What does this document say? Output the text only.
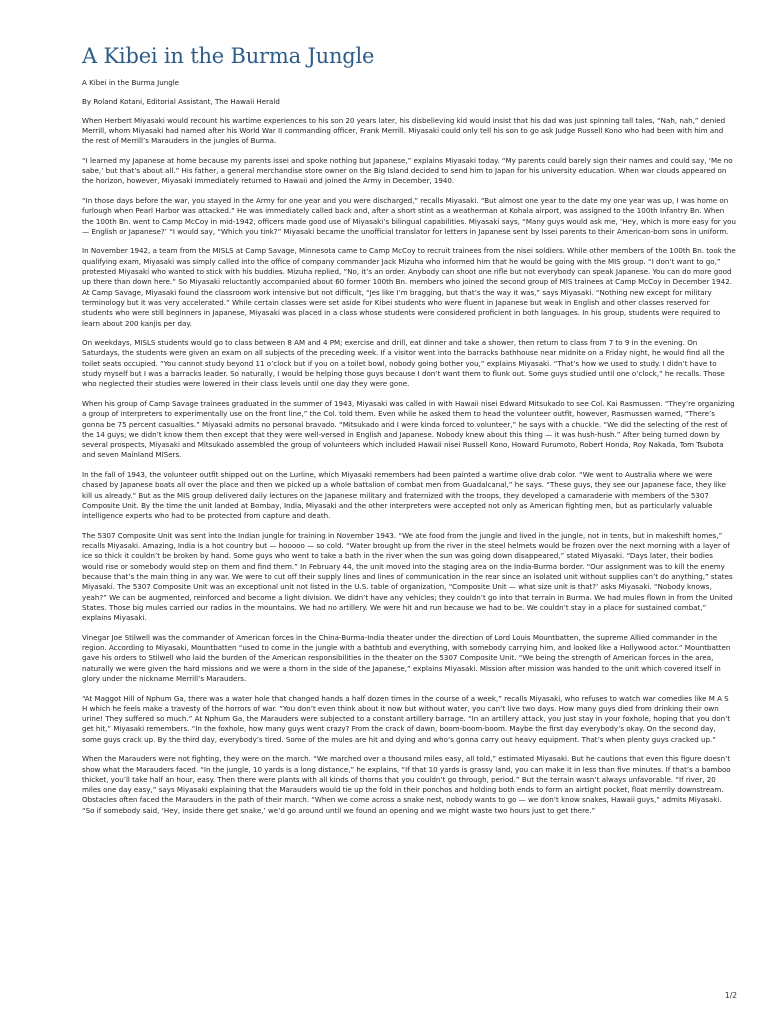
A Kibei in the Burma Jungle

A Kibei in the Burma Jungle

By Roland Kotani, Editorial Assistant, The Hawaii Herald

When Herbert Miyasaki would recount his wartime experiences to his son 20 years later, his disbelieving kid would insist that his dad was just spinning tall tales, “Nah, nah,” denied Merrill, whom Miyasaki had named after his World War II commanding officer, Frank Merrill. Miyasaki could only tell his son to go ask Judge Russell Kono who had been with him and the rest of Merrill’s Marauders in the jungles of Burma.

“I learned my Japanese at home because my parents issei and spoke nothing but Japanese,” explains Miyasaki today. “My parents could barely sign their names and could say, ‘Me no sabe,’ but that’s about all.” His father, a general merchandise store owner on the Big Island decided to send him to Japan for his university education. When war clouds appeared on the horizon, however, Miyasaki immediately returned to Hawaii and joined the Army in December, 1940.

“In those days before the war, you stayed in the Army for one year and you were discharged,” recalls Miyasaki. “But almost one year to the date my one year was up, I was home on furlough when Pearl Harbor was attacked.” He was immediately called back and, after a short stint as a weatherman at Kohala airport, was assigned to the 100th Infantry Bn. When the 100th Bn. went to Camp McCoy in mid-1942, officers made good use of Miyasaki’s bilingual capabilities. Miyasaki says, “Many guys would ask me, ‘Hey, which is more easy for you — English or Japanese?’ “I would say, “Which you tink?” Miyasaki became the unofficial translator for letters in Japanese sent by Issei parents to their American-born sons in uniform.

In November 1942, a team from the MISLS at Camp Savage, Minnesota came to Camp McCoy to recruit trainees from the nisei soldiers. While other members of the 100th Bn. took the qualifying exam, Miyasaki was simply called into the office of company commander Jack Mizuha who informed him that he would be going with the MIS group. “I don’t want to go,” protested Miyasaki who wanted to stick with his buddies. Mizuha replied, “No, it’s an order. Anybody can shoot one rifle but not everybody can speak Japanese. You can do more good up there than down here.” So Miyasaki reluctantly accompanied about 60 former 100th Bn. members who joined the second group of MIS trainees at Camp McCoy in December 1942. At Camp Savage, Miyasaki found the classroom work intensive but not difficult, “Jes like I’m bragging, but that’s the way it was,” says Miyasaki. “Nothing new except for military terminology but it was very accelerated.” While certain classes were set aside for Kibei students who were fluent in Japanese but weak in English and other classes reserved for students who were still beginners in Japanese, Miyasaki was placed in a class whose students were considered proficient in both languages. In his group, students were required to learn about 200 kanjis per day.

On weekdays, MISLS students would go to class between 8 AM and 4 PM; exercise and drill, eat dinner and take a shower, then return to class from 7 to 9 in the evening. On Saturdays, the students were given an exam on all subjects of the preceding week. If a visitor went into the barracks bathhouse near midnite on a Friday night, he would find all the toilet seats occupied. “You cannot study beyond 11 o’clock but if you on a toilet bowl, nobody going bother you,” explains Miyasaki. “That’s how we used to study. I didn’t have to study myself but I was a barracks leader. So naturally, I would be helping those guys because I don’t want them to flunk out. Some guys studied until one o’clock,” he recalls. Those who neglected their studies were lowered in their class levels until one day they were gone.

When his group of Camp Savage trainees graduated in the summer of 1943, Miyasaki was called in with Hawaii nisei Edward Mitsukado to see Col. Kai Rasmussen. “They’re organizing a group of interpreters to experimentally use on the front line,” the Col. told them. Even while he asked them to head the volunteer outfit, however, Rasmussen warned, “There’s gonna be 75 percent casualties.” Miyasaki admits no personal bravado. “Mitsukado and I were kinda forced to volunteer,” he says with a chuckle. “We did the selecting of the rest of the 14 guys; we didn’t know them then except that they were well-versed in English and Japanese. Nobody knew about this thing — it was hush-hush.” After being turned down by several prospects, Miyasaki and Mitsukado assembled the group of volunteers which included Hawaii nisei Russell Kono, Howard Furumoto, Robert Honda, Roy Nakada, Tom Tsubota and seven Mainland MISers.

In the fall of 1943, the volunteer outfit shipped out on the Lurline, which Miyasaki remembers had been painted a wartime olive drab color. “We went to Australia where we were chased by Japanese boats all over the place and then we picked up a whole battalion of combat men from Guadalcanal,” he says. “These guys, they see our Japanese face, they like kill us already.” But as the MIS group delivered daily lectures on the Japanese military and fraternized with the troops, they developed a camaraderie with members of the 5307 Composite Unit. By the time the unit landed at Bombay, India, Miyasaki and the other interpreters were accepted not only as American fighting men, but as particularly valuable intelligence experts who had to be protected from capture and death.

The 5307 Composite Unit was sent into the Indian jungle for training in November 1943. “We ate food from the jungle and lived in the jungle, not in tents, but in makeshift homes,” recalls Miyasaki. Amazing, India is a hot country but — hooooo — so cold. “Water brought up from the river in the steel helmets would be frozen over the next morning with a layer of ice so thick it couldn’t be broken by hand. Some guys who went to take a bath in the river when the sun was going down disappeared,” stated Miyasaki. “Days later, their bodies would rise or somebody would step on them and find them.” In February 44, the unit moved into the staging area on the India-Burma border. “Our assignment was to kill the enemy because that’s the main thing in any war. We were to cut off their supply lines and lines of communication in the rear since an isolated unit without supplies can’t do anything,” states Miyasaki. The 5307 Composite Unit was an exceptional unit not listed in the U.S. table of organization, “Composite Unit — what size unit is that?’ asks Miyasaki. “Nobody knows, yeah?” We can be augmented, reinforced and become a light division. We didn’t have any vehicles; they couldn’t go into that terrain in Burma. We had mules flown in from the United States. Those big mules carried our radios in the mountains. We had no artillery. We were hit and run because we had to be. We couldn’t stay in a place for sustained combat,” explains Miyasaki.

Vinegar Joe Stilwell was the commander of American forces in the China-Burma-India theater under the direction of Lord Louis Mountbatten, the supreme Allied commander in the region. According to Miyasaki, Mountbatten “used to come in the jungle with a bathtub and everything, with somebody carrying him, and looked like a Hollywood actor.” Mountbatten gave his orders to Stilwell who laid the burden of the American responsibilities in the theater on the 5307 Composite Unit. “We being the strength of American forces in the area, naturally we were given the hard missions and we were a thorn in the side of the Japanese,” explains Miyasaki. Mission after mission was handed to the unit which covered itself in glory under the nickname Merrill’s Marauders.

“At Maggot Hill of Nphum Ga, there was a water hole that changed hands a half dozen times in the course of a week,” recalls Miyasaki, who refuses to watch war comedies like M A S H which he feels make a travesty of the horrors of war. “You don’t even think about it now but without water, you can’t live two days. How many guys died from drinking their own urine! They suffered so much.” At Nphum Ga, the Marauders were subjected to a constant artillery barrage. “In an artillery attack, you just stay in your foxhole, hoping that you don’t get hit,” Miyasaki remembers. “In the foxhole, how many guys went crazy? From the crack of dawn, boom-boom-boom. Maybe the first day everybody’s okay. On the second day, some guys crack up. By the third day, everybody’s tired. Some of the mules are hit and dying and who’s gonna carry out heavy equipment. That’s when plenty guys cracked up.”

When the Marauders were not fighting, they were on the march. “We marched over a thousand miles easy, all told,” estimated Miyasaki. But he cautions that even this figure doesn’t show what the Marauders faced. “In the jungle, 10 yards is a long distance,” he explains, “If that 10 yards is grassy land, you can make it in less than five minutes. If that’s a bamboo thicket, you’ll take half an hour, easy. Then there were plants with all kinds of thorns that you couldn’t go through, period.” But the terrain wasn’t always unfavorable. “If river, 20 miles one day easy,” says Miyasaki explaining that the Marauders would tie up the fold in their ponchos and holding both ends to form an airtight pocket, float merrily downstream. Obstacles often faced the Marauders in the path of their march. “When we come across a snake nest, nobody wants to go — we don’t know snakes, Hawaii guys,” admits Miyasaki. “So if somebody said, ‘Hey, inside there get snake,’ we’d go around until we found an opening and we might waste two hours just to get there.”

1/2
